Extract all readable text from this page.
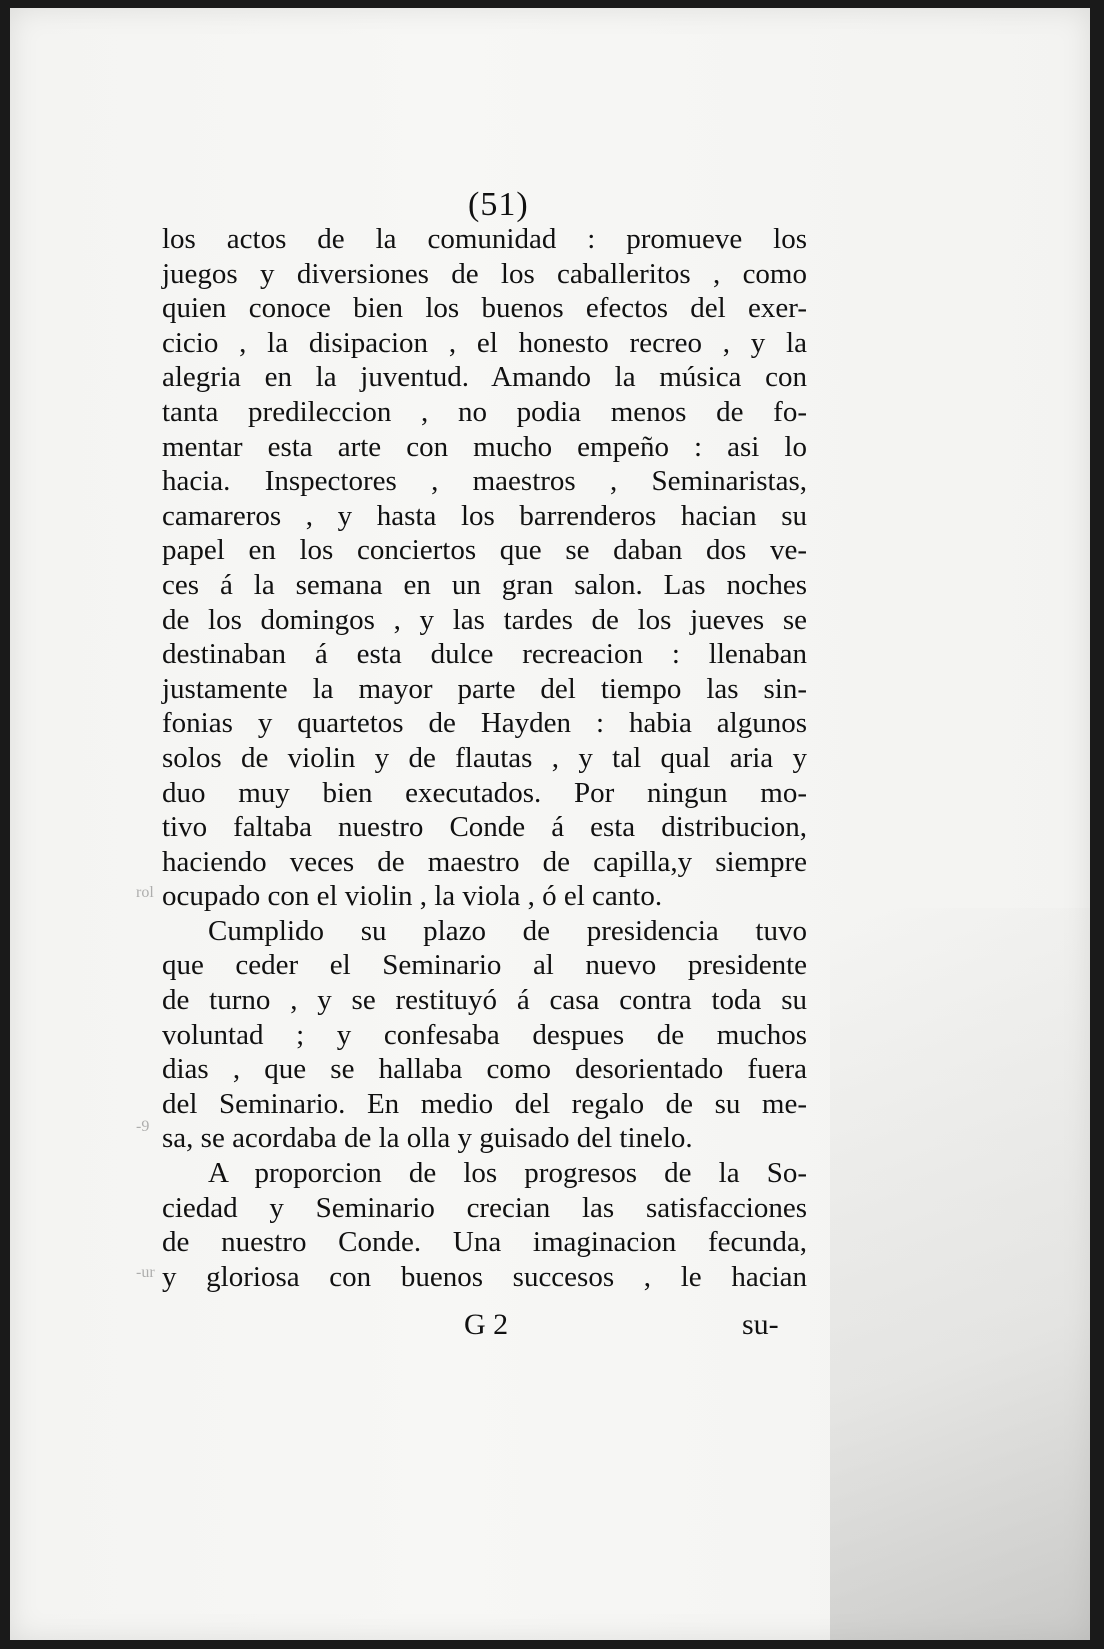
(51)
los actos de la comunidad : promueve los
juegos y diversiones de los caballeritos , como
quien conoce bien los buenos efectos del exer-
cicio , la disipacion , el honesto recreo , y la
alegria en la juventud. Amando la música con
tanta predileccion , no podia menos de fo-
mentar esta arte con mucho empeño : asi lo
hacia. Inspectores , maestros , Seminaristas,
camareros , y hasta los barrenderos hacian su
papel en los conciertos que se daban dos ve-
ces á la semana en un gran salon. Las noches
de los domingos , y las tardes de los jueves se
destinaban á esta dulce recreacion : llenaban
justamente la mayor parte del tiempo las sin-
fonias y quartetos de Hayden : habia algunos
solos de violin y de flautas , y tal qual aria y
duo muy bien executados. Por ningun mo-
tivo faltaba nuestro Conde á esta distribucion,
haciendo veces de maestro de capilla,y siempre
ocupado con el violin , la viola , ó el canto.
Cumplido su plazo de presidencia tuvo
que ceder el Seminario al nuevo presidente
de turno , y se restituyó á casa contra toda su
voluntad ; y confesaba despues de muchos
dias , que se hallaba como desorientado fuera
del Seminario. En medio del regalo de su me-
sa, se acordaba de la olla y guisado del tinelo.
A proporcion de los progresos de la So-
ciedad y Seminario crecian las satisfacciones
de nuestro Conde. Una imaginacion fecunda,
y gloriosa con buenos succesos , le hacian
G 2	su-
rol
-9
-ur
